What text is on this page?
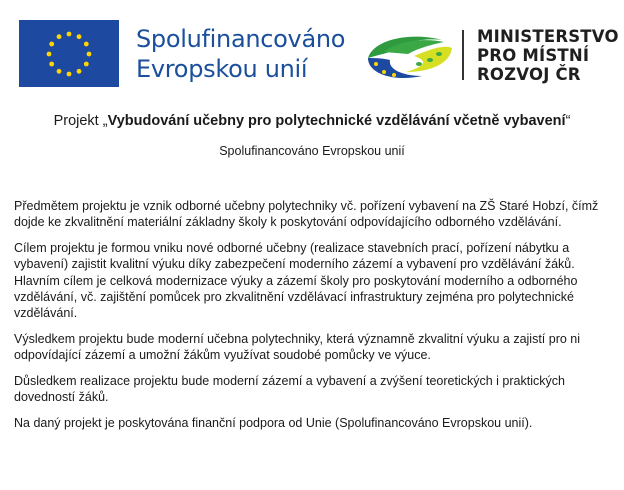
Spolufinancováno
Evropskou unií
MINISTERSTVO
PRO MÍSTNÍ
ROZVOJ ČR
Projekt „Vybudování učebny pro polytechnické vzdělávání včetně vybavení“
Spolufinancováno Evropskou unií

Předmětem projektu je vznik odborné učebny polytechniky vč. pořízení vybavení na ZŠ Staré Hobzí, čímž dojde ke zkvalitnění materiální základny školy k poskytování odpovídajícího odborného vzdělávání.

Cílem projektu je formou vniku nové odborné učebny (realizace stavebních prací, pořízení nábytku a vybavení) zajistit kvalitní výuku díky zabezpečení moderního zázemí a vybavení pro vzdělávání žáků. Hlavním cílem je celková modernizace výuky a zázemí školy pro poskytování moderního a odborného vzdělávání, vč. zajištění pomůcek pro zkvalitnění vzdělávací infrastruktury zejména pro polytechnické vzdělávání.

Výsledkem projektu bude moderní učebna polytechniky, která významně zkvalitní výuku a zajistí pro ni odpovídající zázemí a umožní žákům využívat soudobé pomůcky ve výuce.

Důsledkem realizace projektu bude moderní zázemí a vybavení a zvýšení teoretických i praktických dovedností žáků.

Na daný projekt je poskytována finanční podpora od Unie (Spolufinancováno Evropskou unií).
